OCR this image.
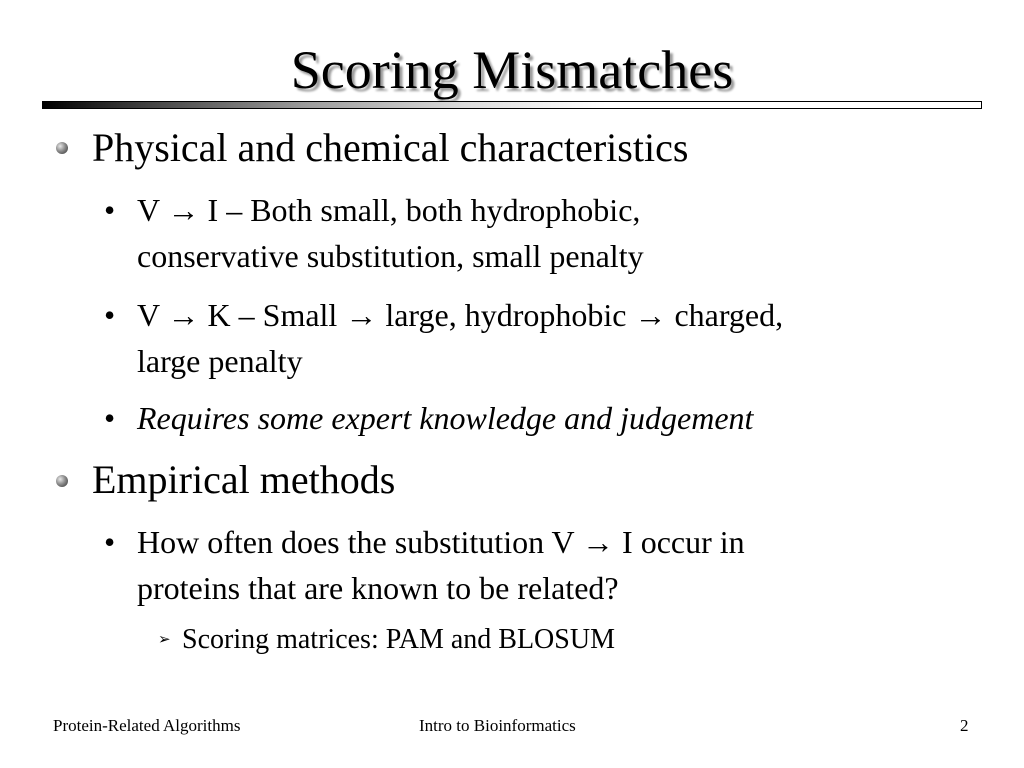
Scoring Mismatches
Physical and chemical characteristics
• V → I – Both small, both hydrophobic,
conservative substitution, small penalty
• V → K – Small → large, hydrophobic → charged,
large penalty
• Requires some expert knowledge and judgement
Empirical methods
• How often does the substitution V → I occur in
proteins that are known to be related?
➢ Scoring matrices: PAM and BLOSUM
Protein-Related Algorithms	Intro to Bioinformatics	2
